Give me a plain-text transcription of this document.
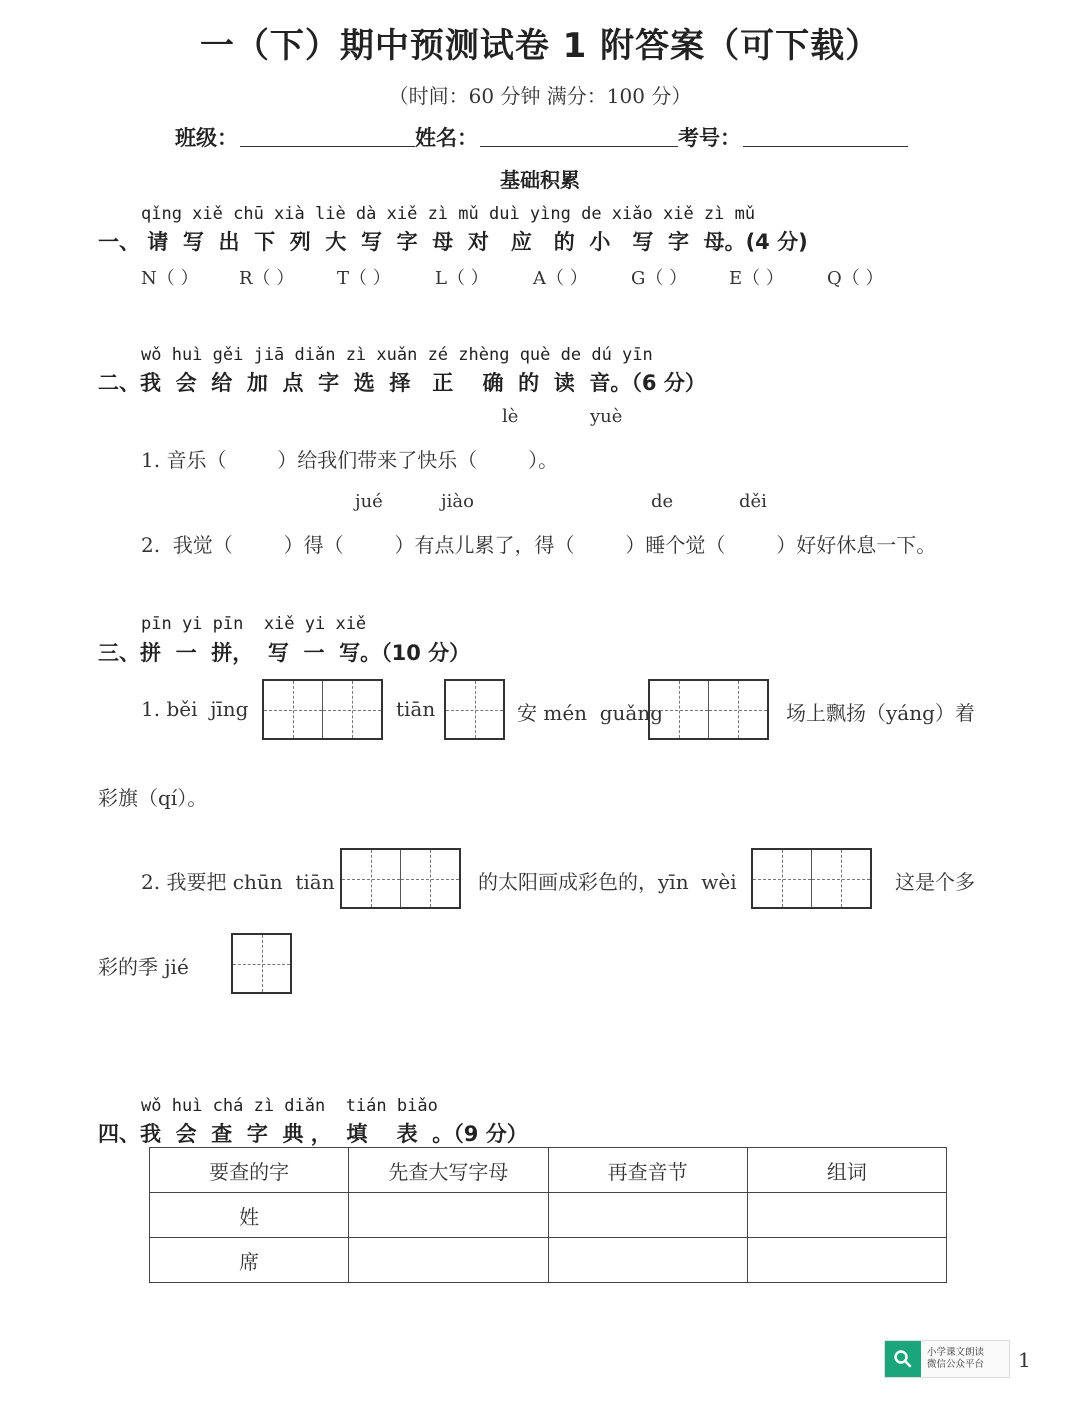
一（下）期中预测试卷 1 附答案（可下载）
（时间：60 分钟 满分：100 分）
班级：	姓名：	考号：
基础积累
qǐng xiě chū xià liè dà xiě zì mǔ duì yìng de xiǎo xiě zì mǔ
一、 请  写  出  下  列  大  写  字  母  对   应   的  小   写  字  母。(4 分)
N（ ） R（ ） T（ ） L（ ） A（ ） G（ ） E（ ） Q（ ）
wǒ huì gěi jiā diǎn zì xuǎn zé zhèng què de dú yīn
二、我  会  给  加  点  字  选  择   正    确  的  读  音。（6 分）
lè	yuè
1. 音乐（        ）给我们带来了快乐（        ）。
jué	jiào	de	děi
2.  我觉（        ）得（        ）有点儿累了，得（        ）睡个觉（        ）好好休息一下。
pīn yi pīn  xiě yi xiě
三、拼  一  拼，  写  一  写。（10 分）
1. běi  jīng	tiān	安 mén  guǎng	场上飘扬（yáng）着
彩旗（qí）。
2. 我要把 chūn  tiān	的太阳画成彩色的，yīn  wèi	这是个多
彩的季 jié
wǒ huì chá zì diǎn  tián biǎo
四、我  会  查  字  典 ，  填    表  。（9 分）
要查的字	先查大写字母	再查音节	组词
姓			
席			
小学课文朗读
微信公众平台 1
